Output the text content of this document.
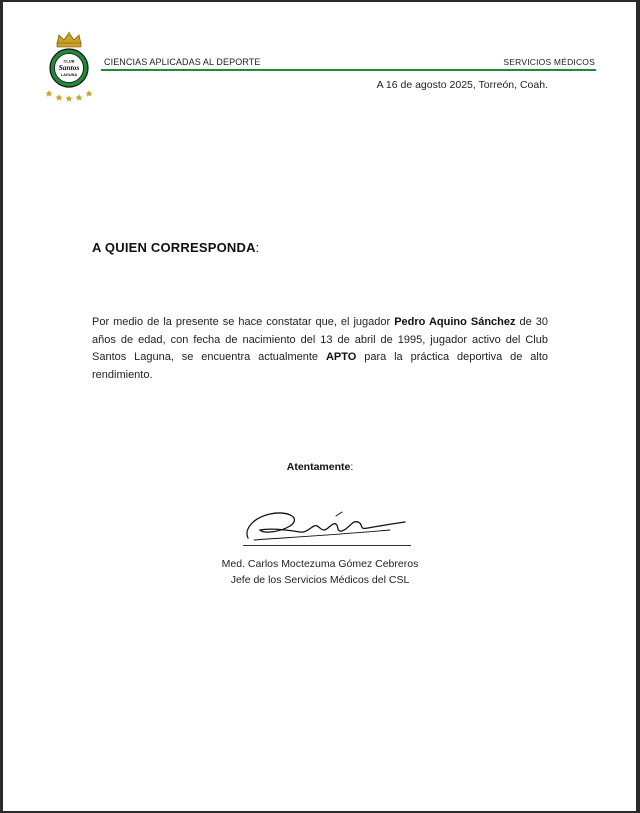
CLUB
Santos
LAGUNA
CIENCIAS APLICADAS AL DEPORTE	SERVICIOS MÉDICOS
A 16 de agosto 2025, Torreón, Coah.
A QUIEN CORRESPONDA:
Por medio de la presente se hace constatar que, el jugador Pedro Aquino Sánchez de 30 años de edad, con fecha de nacimiento del 13 de abril de 1995, jugador activo del Club Santos Laguna, se encuentra actualmente APTO para la práctica deportiva de alto rendimiento.
Atentamente:
Med. Carlos Moctezuma Gómez Cebreros
Jefe de los Servicios Médicos del CSL
